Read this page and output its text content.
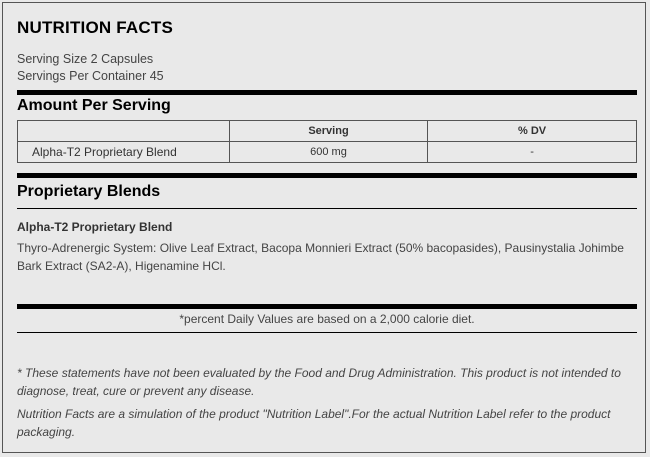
NUTRITION FACTS
Serving Size 2 Capsules
Servings Per Container 45
Amount Per Serving
	Serving	% DV
Alpha-T2 Proprietary Blend	600 mg	-
Proprietary Blends
Alpha-T2 Proprietary Blend
Thyro-Adrenergic System: Olive Leaf Extract, Bacopa Monnieri Extract (50% bacopasides), Pausinystalia Johimbe Bark Extract (SA2-A), Higenamine HCl.
*percent Daily Values are based on a 2,000 calorie diet.
* These statements have not been evaluated by the Food and Drug Administration. This product is not intended to diagnose, treat, cure or prevent any disease.
Nutrition Facts are a simulation of the product "Nutrition Label".For the actual Nutrition Label refer to the product packaging.
